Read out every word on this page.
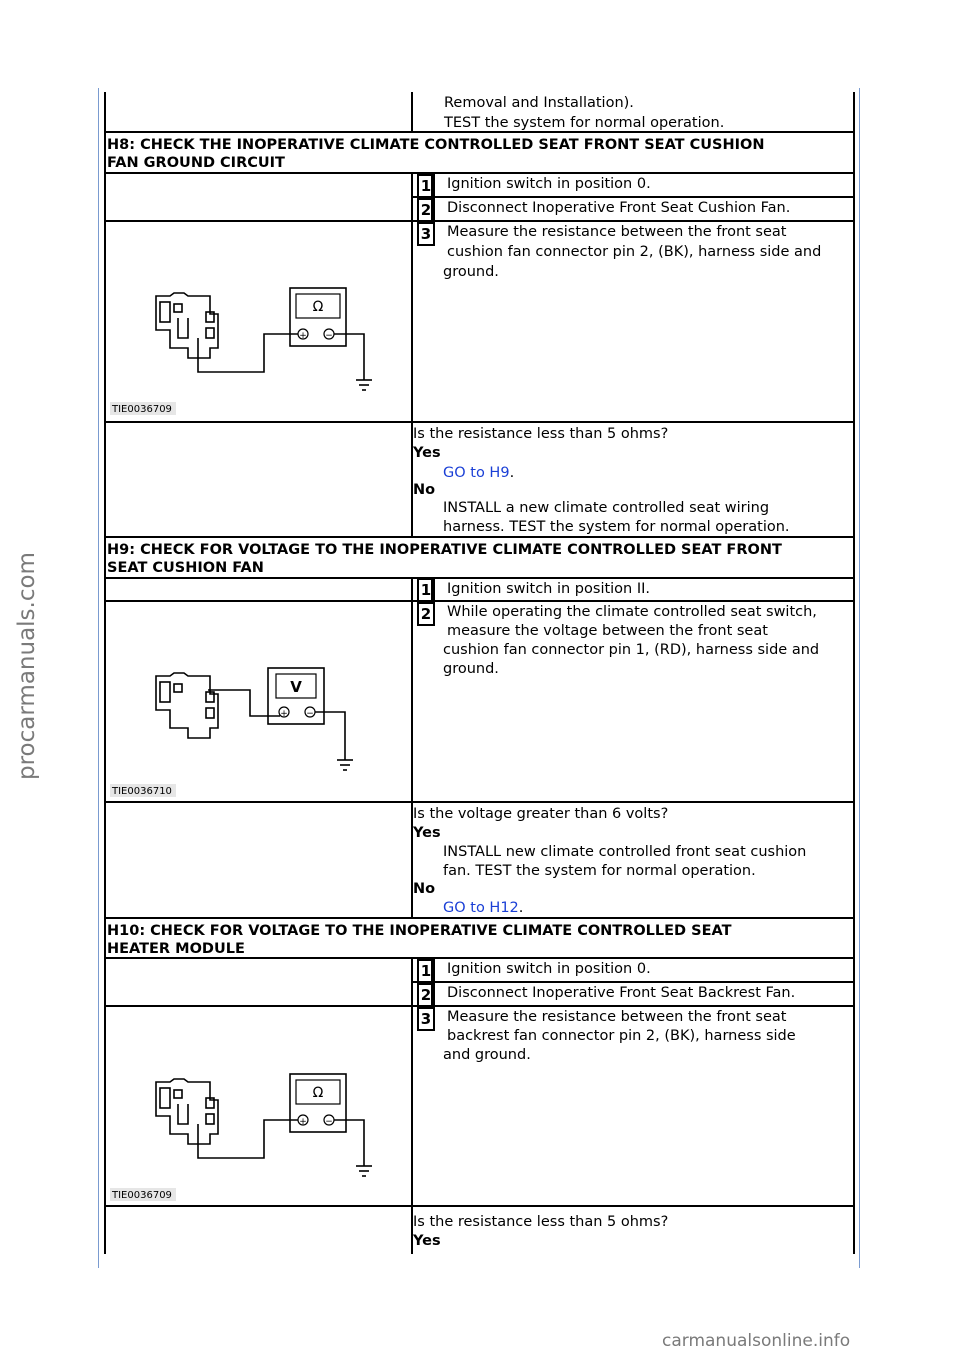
Removal and Installation).
TEST the system for normal operation.
H8: CHECK THE INOPERATIVE CLIMATE CONTROLLED SEAT FRONT SEAT CUSHION
FAN GROUND CIRCUIT
1 Ignition switch in position 0.
2 Disconnect Inoperative Front Seat Cushion Fan.
3 Measure the resistance between the front seat
cushion fan connector pin 2, (BK), harness side and
ground.
Ω
+ −
TIE0036709
Is the resistance less than 5 ohms?
Yes
GO to H9.
No
INSTALL a new climate controlled seat wiring
harness. TEST the system for normal operation.
H9: CHECK FOR VOLTAGE TO THE INOPERATIVE CLIMATE CONTROLLED SEAT FRONT
SEAT CUSHION FAN
1 Ignition switch in position II.
2 While operating the climate controlled seat switch,
measure the voltage between the front seat
cushion fan connector pin 1, (RD), harness side and
ground.
V
+ −
TIE0036710
Is the voltage greater than 6 volts?
Yes
INSTALL new climate controlled front seat cushion
fan. TEST the system for normal operation.
No
GO to H12.
H10: CHECK FOR VOLTAGE TO THE INOPERATIVE CLIMATE CONTROLLED SEAT
HEATER MODULE
1 Ignition switch in position 0.
2 Disconnect Inoperative Front Seat Backrest Fan.
3 Measure the resistance between the front seat
backrest fan connector pin 2, (BK), harness side
and ground.
Ω
+ −
TIE0036709
Is the resistance less than 5 ohms?
Yes
procarmanuals.com
carmanualsonline.info
